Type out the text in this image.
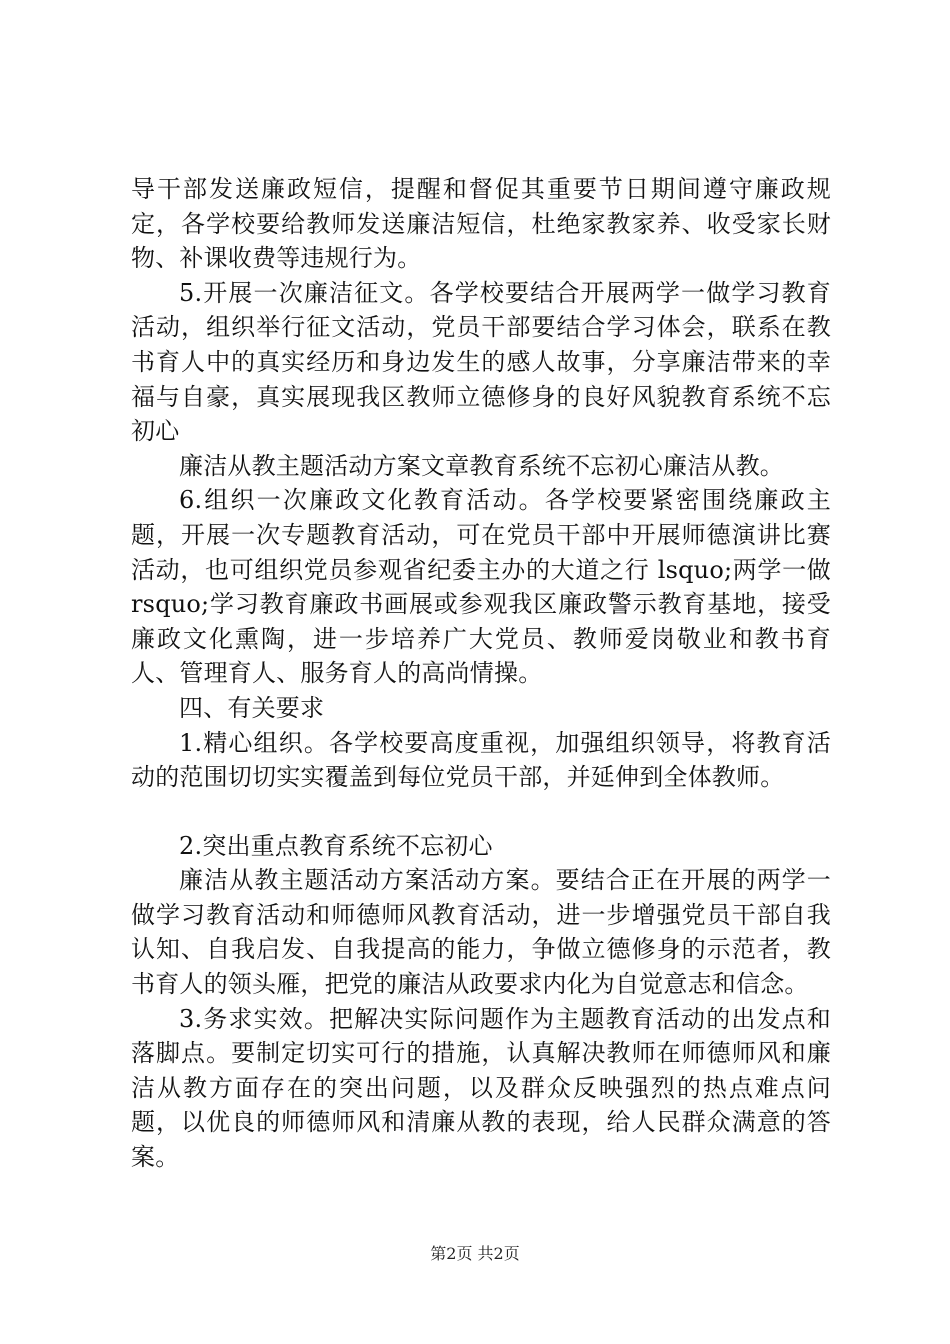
导干部发送廉政短信，提醒和督促其重要节日期间遵守廉政规定，各学校要给教师发送廉洁短信，杜绝家教家养、收受家长财物、补课收费等违规行为。

5.开展一次廉洁征文。各学校要结合开展两学一做学习教育活动，组织举行征文活动，党员干部要结合学习体会，联系在教书育人中的真实经历和身边发生的感人故事，分享廉洁带来的幸福与自豪，真实展现我区教师立德修身的良好风貌教育系统不忘初心

廉洁从教主题活动方案文章教育系统不忘初心廉洁从教。

6.组织一次廉政文化教育活动。各学校要紧密围绕廉政主题，开展一次专题教育活动，可在党员干部中开展师德演讲比赛活动，也可组织党员参观省纪委主办的大道之行 lsquo;两学一做 rsquo;学习教育廉政书画展或参观我区廉政警示教育基地，接受廉政文化熏陶，进一步培养广大党员、教师爱岗敬业和教书育人、管理育人、服务育人的高尚情操。

四、有关要求

1.精心组织。各学校要高度重视，加强组织领导，将教育活动的范围切切实实覆盖到每位党员干部，并延伸到全体教师。

2.突出重点教育系统不忘初心

廉洁从教主题活动方案活动方案。要结合正在开展的两学一做学习教育活动和师德师风教育活动，进一步增强党员干部自我认知、自我启发、自我提高的能力，争做立德修身的示范者，教书育人的领头雁，把党的廉洁从政要求内化为自觉意志和信念。

3.务求实效。把解决实际问题作为主题教育活动的出发点和落脚点。要制定切实可行的措施，认真解决教师在师德师风和廉洁从教方面存在的突出问题，以及群众反映强烈的热点难点问题，以优良的师德师风和清廉从教的表现，给人民群众满意的答案。

第2页 共2页
